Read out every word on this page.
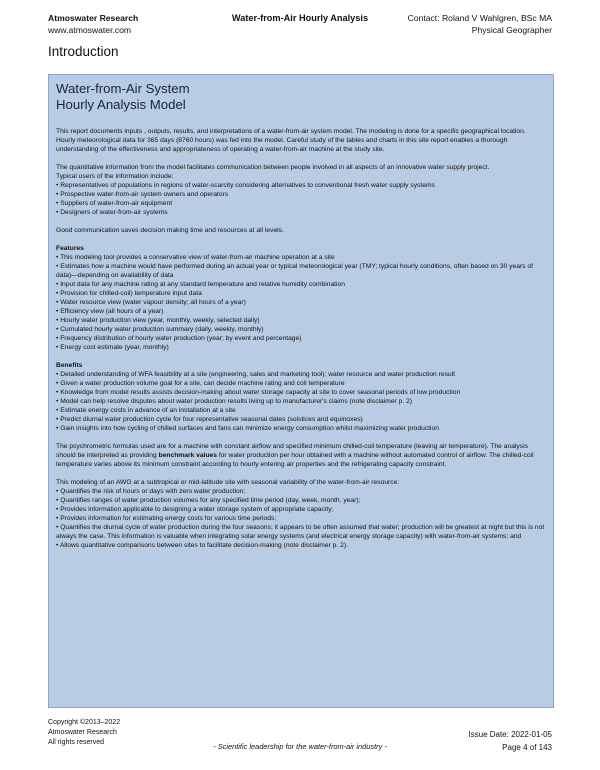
Atmoswater Research
www.atmoswater.com
Water-from-Air Hourly Analysis	Contact: Roland V Wahlgren, BSc MA
Physical Geographer
Introduction
Water-from-Air System
Hourly Analysis Model

This report documents inputs , outputs, results, and interpretations of a water-from-air system model. The modeling is done for a specific geographical location. Hourly meteorological data for 365 days (8760 hours) was fed into the model. Careful study of the tables and charts in this site report enables a thorough understanding of the effectiveness and appropriateness of operating a water-from-air machine at the study site.

The quantitative information from the model facilitates communication between people involved in all aspects of an innovative water supply project.

Typical users of the information include:

• Representatives of populations in regions of water-scarcity considering alternatives to conventional fresh water supply systems

• Prospective water-from-air system owners and operators

• Suppliers of water-from-air equipment

• Designers of water-from-air systems

Good communication saves decision making time and resources at all levels.

Features

• This modeling tool provides a conservative view of water-from-air machine operation at a site

• Estimates how a machine would have performed during an actual year or typical meteorological year (TMY; typical hourly conditions, often based on 30 years of data)—depending on availability of data

• Input data for any machine rating at any standard temperature and relative humidity combination

• Provision for chilled-coil) temperature input data

• Water resource view (water vapour density; all hours of a year)

• Efficiency view (all hours of a year)

• Hourly water production view (year, monthly, weekly, selected daily)

• Cumulated hourly water production summary (daily, weekly, monthly)

• Frequency distribution of hourly water production (year; by event and percentage)

• Energy cost estimate (year, monthly)

Benefits

• Detailed understanding of WFA feasibility at a site (engineering, sales and marketing tool); water resource and water production result

• Given a water production volume goal for a site, can decide machine rating and coil temperature

• Knowledge from model results assists decision-making about water storage capacity at site to cover seasonal periods of low production

• Model can help resolve disputes about water production results living up to manufacturer's claims (note disclaimer p. 2)

• Estimate energy costs in advance of an installation at a site

• Predict diurnal water production cycle for four representative seasonal dates (solstices and equinoxes)

• Gain insights into how cycling of chilled surfaces and fans can minimize energy consumption whilst maximizing water production

The psychrometric formulas used are for a machine with constant airflow and specified minimum chilled-coil temperature (leaving air temperature). The analysis should be interpreted as providing benchmark values for water production per hour obtained with a machine without automated control of airflow. The chilled-coil temperature varies above its minimum constraint according to hourly entering air properties and the refrigerating capacity constraint.

This modeling of an AWG at a subtropical or mid-latitude site with seasonal variability of the water-from-air resource:

• Quantifies the risk of hours or days with zero water production;

• Quantifies ranges of water production volumes for any specified time period (day, week, month, year);

• Provides information applicable to designing a water storage system of appropriate capacity;

• Provides information for estimating energy costs for various time periods;

• Quantifies the diurnal cycle of water production during the four seasons; it appears to be often assumed that water; production will be greatest at night but this is not always the case. This information is valuable when integrating solar energy systems (and electrical energy storage capacity) with water-from-air systems; and

• Allows quantitative comparisons between sites to facilitate decision-making (note disclaimer p. 2).

Copyright ©2013–2022
Atmoswater Research
All rights reserved	- Scientific leadership for the water-from-air industry -
Issue Date: 2022-01-05
Page 4 of 143
